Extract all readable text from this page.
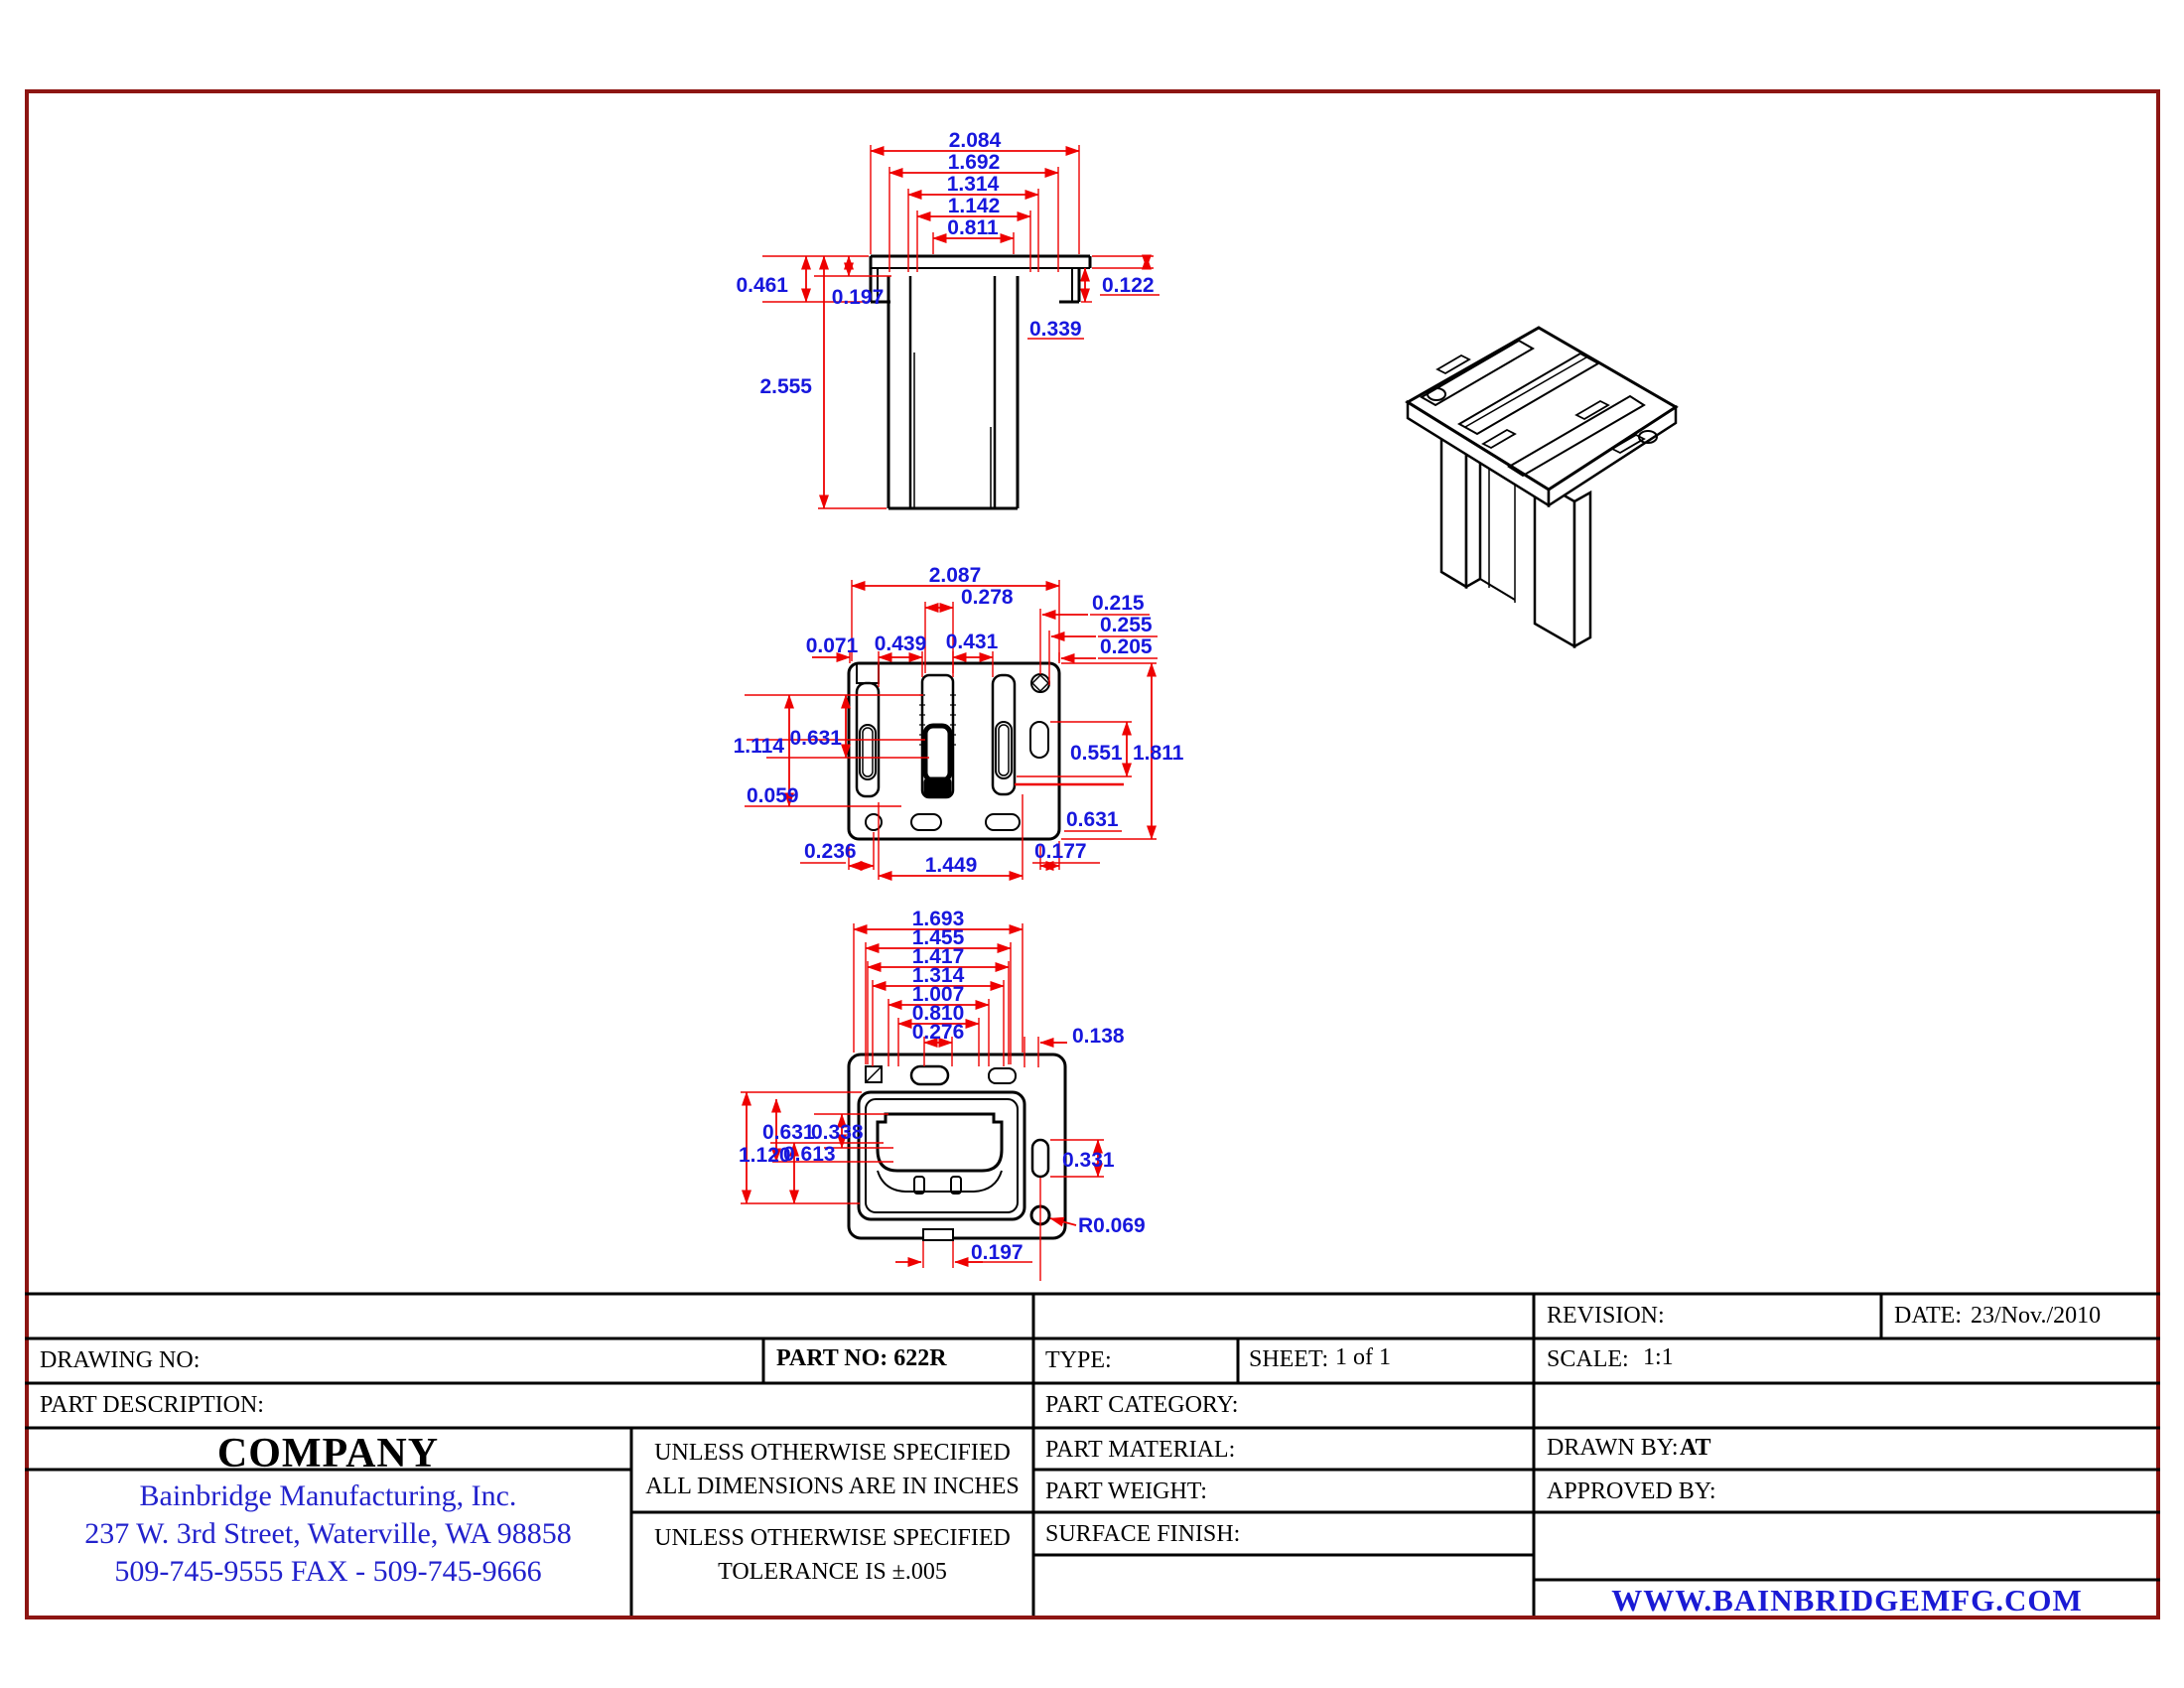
2.084
1.692
1.314
1.142
0.811
0.461
0.197
0.122
0.339
2.555
2.087
0.278	0.215
0.255
0.205
0.071 0.439 0.431
1.114 0.631
0.059
0.236
1.449
0.177
0.551 1.811
0.631
1.693
1.455
1.417
1.314
1.007
0.810
0.276	0.138
0.631
0.338
1.120
0.613	0.331
R0.069
0.197
REVISION:	DATE: 23/Nov./2010
DRAWING NO:	PART NO: 622R	TYPE:	SHEET: 1 of 1	SCALE: 1:1
PART DESCRIPTION:	PART CATEGORY:
COMPANY	UNLESS OTHERWISE SPECIFIED
ALL DIMENSIONS ARE IN INCHES
UNLESS OTHERWISE SPECIFIED
TOLERANCE IS ±.005
PART MATERIAL:	DRAWN BY: AT
PART WEIGHT:	APPROVED BY:
SURFACE FINISH:
Bainbridge Manufacturing, Inc.
237 W. 3rd Street, Waterville, WA 98858
509-745-9555 FAX - 509-745-9666
WWW.BAINBRIDGEMFG.COM
